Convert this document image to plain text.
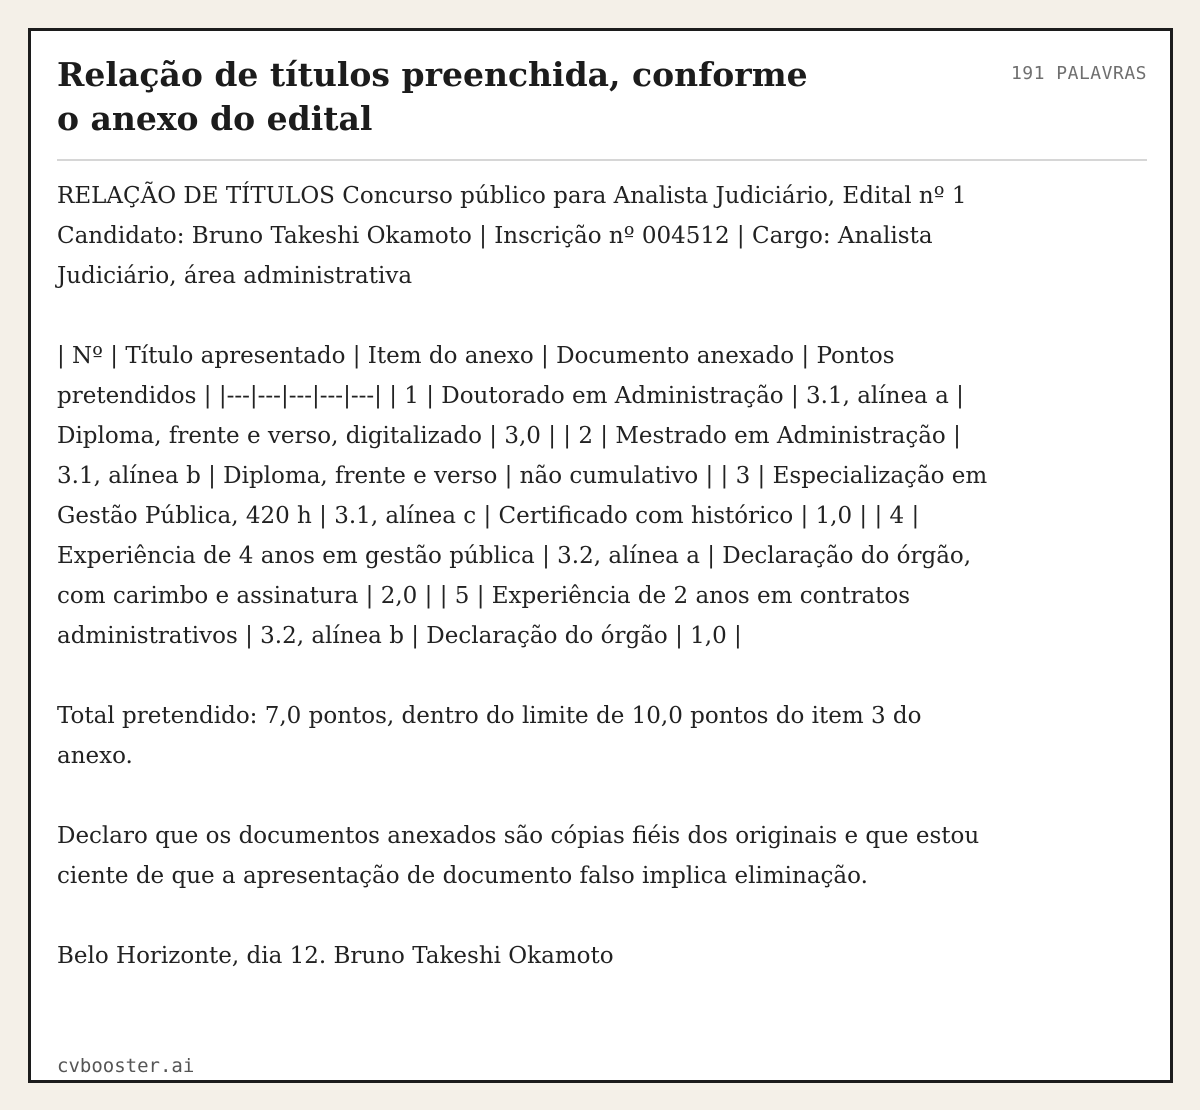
Relação de títulos preenchida, conforme o anexo do edital
191 PALAVRAS

RELAÇÃO DE TÍTULOS Concurso público para Analista Judiciário, Edital nº 1 Candidato: Bruno Takeshi Okamoto | Inscrição nº 004512 | Cargo: Analista Judiciário, área administrativa

| Nº | Título apresentado | Item do anexo | Documento anexado | Pontos pretendidos | |---|---|---|---|---| | 1 | Doutorado em Administração | 3.1, alínea a | Diploma, frente e verso, digitalizado | 3,0 | | 2 | Mestrado em Administração | 3.1, alínea b | Diploma, frente e verso | não cumulativo | | 3 | Especialização em Gestão Pública, 420 h | 3.1, alínea c | Certificado com histórico | 1,0 | | 4 | Experiência de 4 anos em gestão pública | 3.2, alínea a | Declaração do órgão, com carimbo e assinatura | 2,0 | | 5 | Experiência de 2 anos em contratos administrativos | 3.2, alínea b | Declaração do órgão | 1,0 |

Total pretendido: 7,0 pontos, dentro do limite de 10,0 pontos do item 3 do anexo.

Declaro que os documentos anexados são cópias fiéis dos originais e que estou ciente de que a apresentação de documento falso implica eliminação.

Belo Horizonte, dia 12. Bruno Takeshi Okamoto

cvbooster.ai
